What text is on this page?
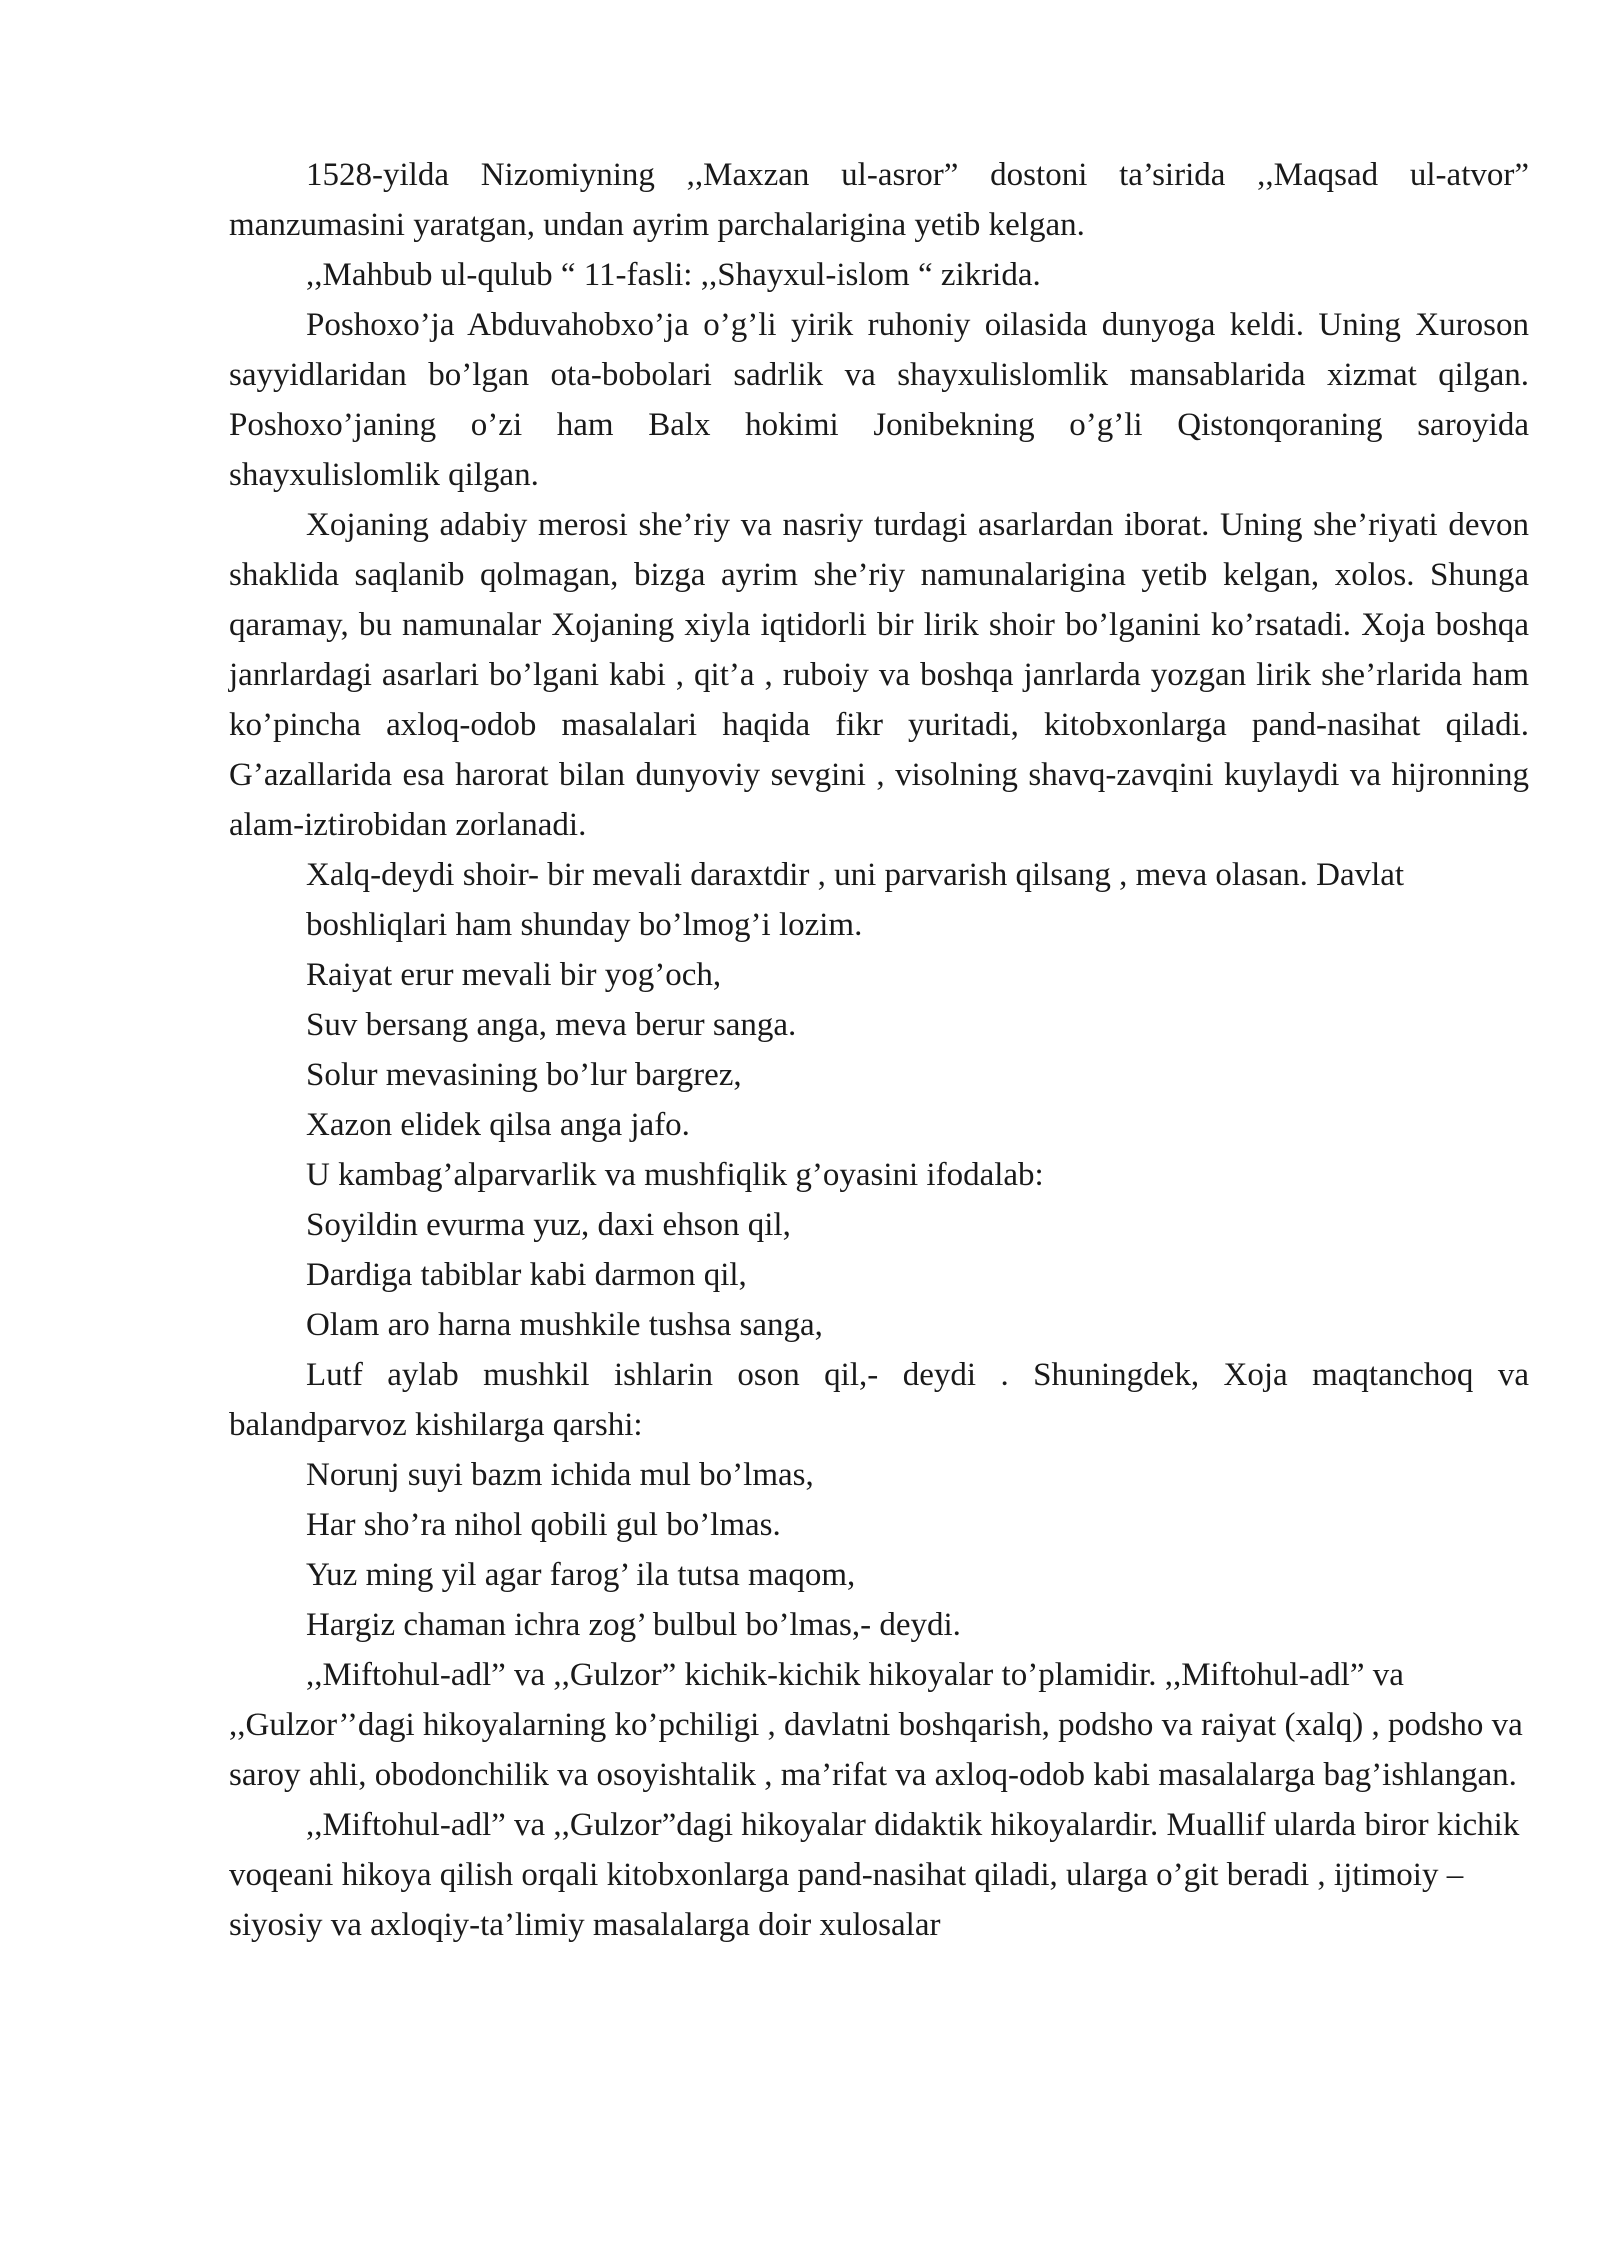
1528-yilda Nizomiyning ,,Maxzan ul-asror” dostoni ta’sirida ,,Maqsad ul-atvor” manzumasini yaratgan, undan ayrim parchalarigina yetib kelgan.

,,Mahbub ul-qulub “ 11-fasli: ,,Shayxul-islom “ zikrida.

Poshoxo’ja Abduvahobxo’ja o’g’li yirik ruhoniy oilasida dunyoga keldi. Uning Xuroson sayyidlaridan bo’lgan ota-bobolari sadrlik va shayxulislomlik mansablarida xizmat qilgan. Poshoxo’janing o’zi ham Balx hokimi Jonibekning o’g’li Qistonqoraning saroyida shayxulislomlik qilgan.

Xojaning adabiy merosi she’riy va nasriy turdagi asarlardan iborat. Uning she’riyati devon shaklida saqlanib qolmagan, bizga ayrim she’riy namunalarigina yetib kelgan, xolos. Shunga qaramay, bu namunalar Xojaning xiyla iqtidorli bir lirik shoir bo’lganini ko’rsatadi. Xoja boshqa janrlardagi asarlari bo’lgani kabi , qit’a , ruboiy va boshqa janrlarda yozgan lirik she’rlarida ham ko’pincha axloq-odob masalalari haqida fikr yuritadi, kitobxonlarga pand-nasihat qiladi. G’azallarida esa harorat bilan dunyoviy sevgini , visolning shavq-zavqini kuylaydi va hijronning alam-iztirobidan zorlanadi.

Xalq-deydi shoir- bir mevali daraxtdir , uni parvarish qilsang , meva olasan. Davlat

boshliqlari ham shunday bo’lmog’i lozim.

Raiyat erur mevali bir yog’och,

Suv bersang anga, meva berur sanga.

Solur mevasining bo’lur bargrez,

Xazon elidek qilsa anga jafo.

U kambag’alparvarlik va mushfiqlik g’oyasini ifodalab:

Soyildin evurma yuz, daxi ehson qil,

Dardiga tabiblar kabi darmon qil,

Olam aro harna mushkile tushsa sanga,

Lutf aylab mushkil ishlarin oson qil,- deydi . Shuningdek, Xoja maqtanchoq va balandparvoz kishilarga qarshi:

Norunj suyi bazm ichida mul bo’lmas,

Har sho’ra nihol qobili gul bo’lmas.

Yuz ming yil agar farog’ ila tutsa maqom,

Hargiz chaman ichra zog’ bulbul bo’lmas,- deydi.

,,Miftohul-adl” va ,,Gulzor” kichik-kichik hikoyalar to’plamidir. ,,Miftohul-adl” va ,,Gulzor’’dagi hikoyalarning ko’pchiligi , davlatni boshqarish, podsho va raiyat (xalq) , podsho va saroy ahli, obodonchilik va osoyishtalik , ma’rifat va axloq-odob kabi masalalarga bag’ishlangan.

,,Miftohul-adl” va ,,Gulzor”dagi hikoyalar didaktik hikoyalardir. Muallif ularda biror kichik voqeani hikoya qilish orqali kitobxonlarga pand-nasihat qiladi, ularga o’git beradi , ijtimoiy –siyosiy va axloqiy-ta’limiy masalalarga doir xulosalar
